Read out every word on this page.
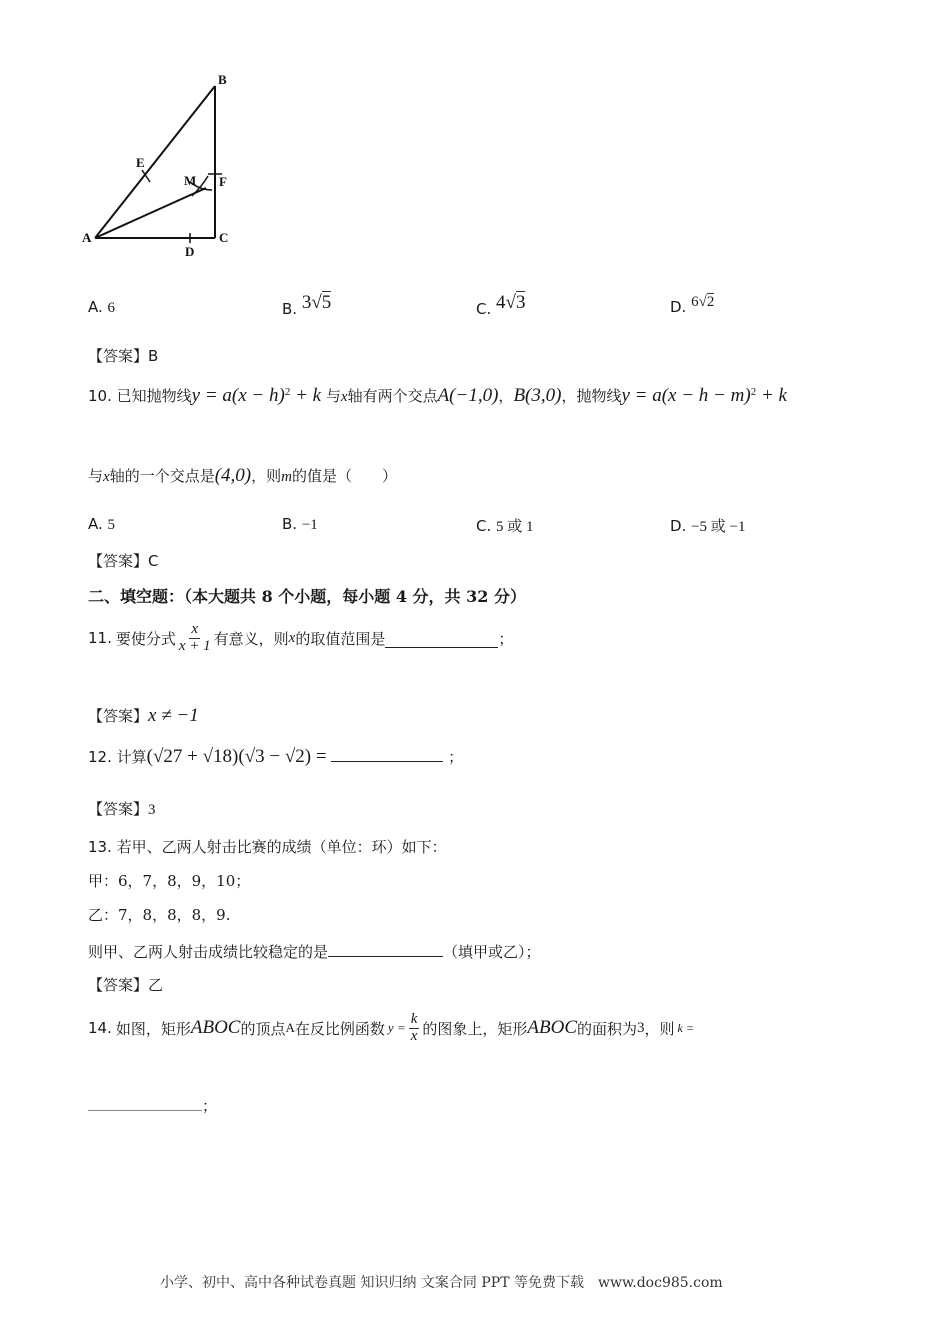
B
E
M F
A	C
D
A. 6	B. 3√5	C. 4√3	D. 6√2
【答案】B
10. 已知抛物线$y = a(x - h)^2 + k$ 与x轴有两个交点A(−1,0)，B(3,0)，抛物线$y = a(x - h - m)^2 + k$
与x轴的一个交点是(4,0)，则m的值是（　　）
A. 5	B. −1	C. 5 或 1	D. −5 或 −1
【答案】C
二、填空题：（本大题共 8 个小题，每小题 4 分，共 32 分）
11. 要使分式 $\frac{x}{x + 1}$ 有意义，则 x 的取值范围是	；
【答案】x ≠ −1
12. 计算(√27 + √18)(√3 − √2) =	；
【答案】3
13. 若甲、乙两人射击比赛的成绩（单位：环）如下：
甲：6，7，8，9，10；
乙：7，8，8，8，9.
则甲、乙两人射击成绩比较稳定的是	（填甲或乙）；
【答案】乙
14. 如图，矩形 ABOC 的顶点 A 在反比例函数 $y = \frac{k}{x}$ 的图象上，矩形 ABOC 的面积为 3 ，则 k =
；
小学、初中、高中各种试卷真题 知识归纳 文案合同 PPT 等免费下载　www.doc985.com
